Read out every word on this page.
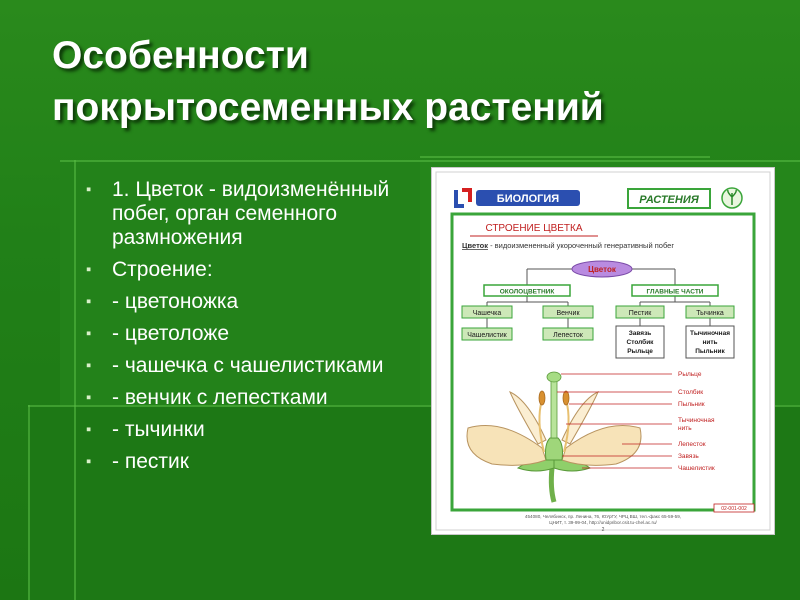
Особенности покрытосеменных растений
▪ 1. Цветок - видоизменённый побег, орган семенного размножения
▪ Строение:
▪ - цветоножка
▪ - цветоложе
▪ - чашечка с чашелистиками
▪ - венчик с лепестками
▪ - тычинки
▪ - пестик
БИОЛОГИЯ	РАСТЕНИЯ
СТРОЕНИЕ ЦВЕТКА
Цветок - видоизмененный укороченный генеративный побег
Цветок
ОКОЛОЦВЕТНИК	ГЛАВНЫЕ ЧАСТИ
Чашечка	Венчик	Пестик	Тычинка
Чашелистик	Лепесток	Завязь
Столбик
Рыльце
Тычиночная
нить
Пыльник
Рыльце
Столбик
Пыльник
Тычиночная
нить
Лепесток
Завязь
Чашелистик
02-001-002
454080, Челябинск, пр. Ленина, 76, ЮУрГУ, ЧРЦ ВШ, тел.-факс 65-59-59,
ЦНИТ, т. 39-99-04, http://unidpribor.csit.tu-chel.ac.ru/
2
